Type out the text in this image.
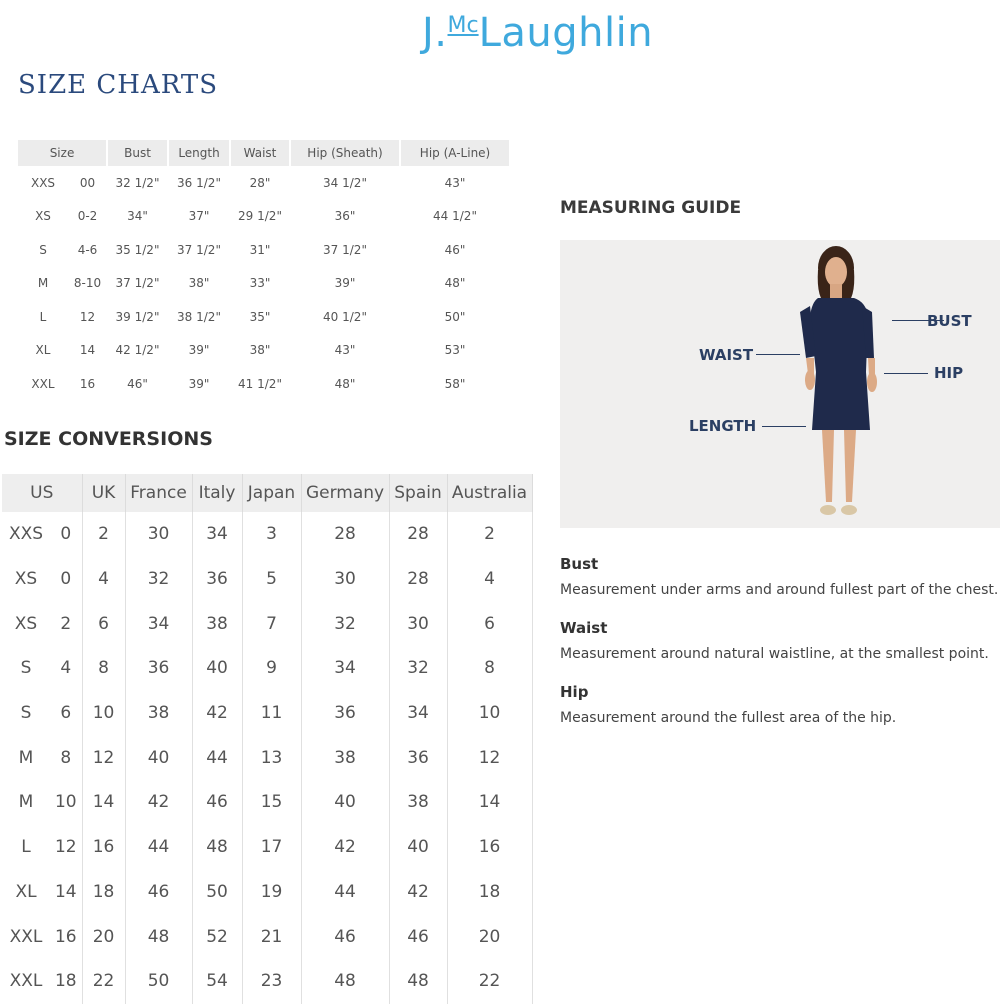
J.$^{Mc}$Laughlin
SIZE CHARTS
Size		Bust	Length	Waist	Hip (Sheath)	Hip (A-Line)
XXS	00	32 1/2"	36 1/2"	28"	34 1/2"	43"
XS	0-2	34"	37"	29 1/2"	36"	44 1/2"
S	4-6	35 1/2"	37 1/2"	31"	37 1/2"	46"
M	8-10	37 1/2"	38"	33"	39"	48"
L	12	39 1/2"	38 1/2"	35"	40 1/2"	50"
XL	14	42 1/2"	39"	38"	43"	53"
XXL	16	46"	39"	41 1/2"	48"	58"
SIZE CONVERSIONS
MEASURING GUIDE
US		UK	France	Italy	Japan	Germany	Spain	Australia
XXS	0	2	30	34	3	28	28	2
XS	0	4	32	36	5	30	28	4
XS	2	6	34	38	7	32	30	6
S	4	8	36	40	9	34	32	8
S	6	10	38	42	11	36	34	10
M	8	12	40	44	13	38	36	12
M	10	14	42	46	15	40	38	14
L	12	16	44	48	17	42	40	16
XL	14	18	46	50	19	44	42	18
XXL	16	20	48	52	21	46	46	20
XXL	18	22	50	54	23	48	48	22
BUST
WAIST
HIP
LENGTH
Bust
Measurement under arms and around fullest part of the chest.
Waist
Measurement around natural waistline, at the smallest point.
Hip
Measurement around the fullest area of the hip.
